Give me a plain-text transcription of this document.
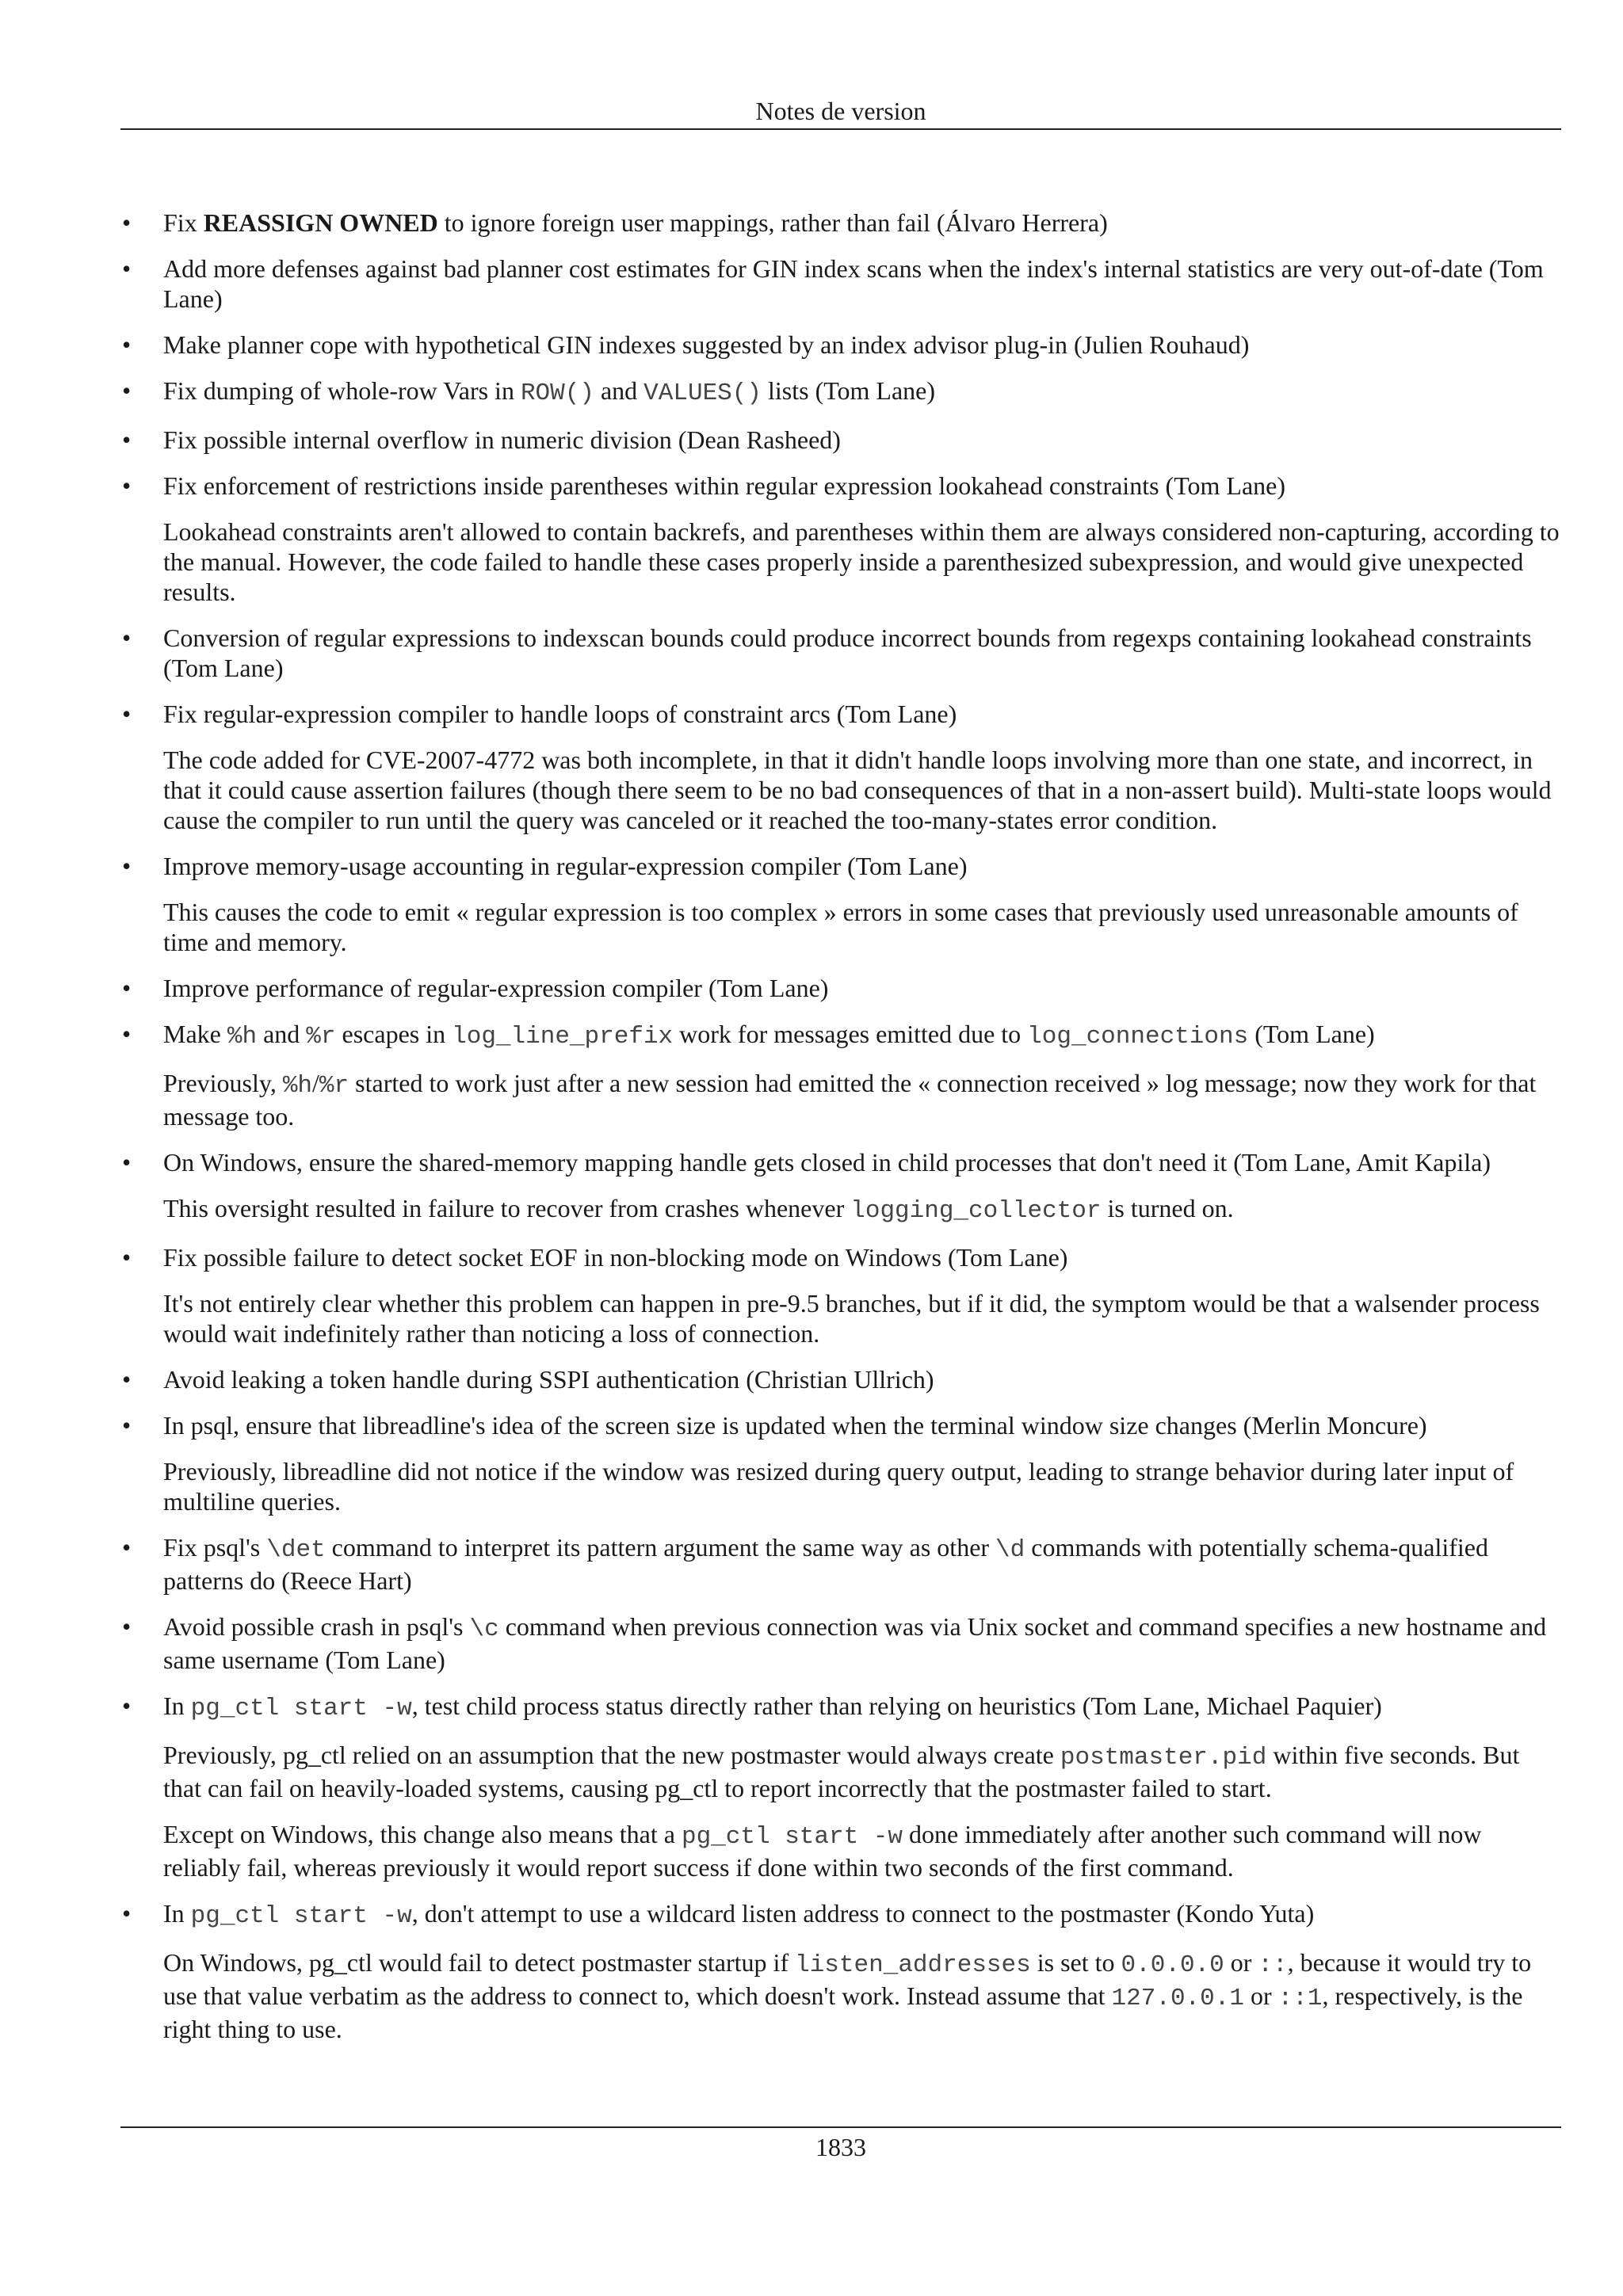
Notes de version
• Fix REASSIGN OWNED to ignore foreign user mappings, rather than fail (Álvaro Herrera)

• Add more defenses against bad planner cost estimates for GIN index scans when the index's internal statistics are very out-of-date (Tom Lane)

• Make planner cope with hypothetical GIN indexes suggested by an index advisor plug-in (Julien Rouhaud)

• Fix dumping of whole-row Vars in ROW() and VALUES() lists (Tom Lane)

• Fix possible internal overflow in numeric division (Dean Rasheed)

• Fix enforcement of restrictions inside parentheses within regular expression lookahead constraints (Tom Lane)

Lookahead constraints aren't allowed to contain backrefs, and parentheses within them are always considered non-capturing, according to the manual. However, the code failed to handle these cases properly inside a parenthesized subexpression, and would give unexpected results.

• Conversion of regular expressions to indexscan bounds could produce incorrect bounds from regexps containing lookahead constraints (Tom Lane)

• Fix regular-expression compiler to handle loops of constraint arcs (Tom Lane)

The code added for CVE-2007-4772 was both incomplete, in that it didn't handle loops involving more than one state, and incorrect, in that it could cause assertion failures (though there seem to be no bad consequences of that in a non-assert build). Multi-state loops would cause the compiler to run until the query was canceled or it reached the too-many-states error condition.

• Improve memory-usage accounting in regular-expression compiler (Tom Lane)

This causes the code to emit « regular expression is too complex » errors in some cases that previously used unreasonable amounts of time and memory.

• Improve performance of regular-expression compiler (Tom Lane)

• Make %h and %r escapes in log_line_prefix work for messages emitted due to log_connections (Tom Lane)

Previously, %h/%r started to work just after a new session had emitted the « connection received » log message; now they work for that message too.

• On Windows, ensure the shared-memory mapping handle gets closed in child processes that don't need it (Tom Lane, Amit Kapila)

This oversight resulted in failure to recover from crashes whenever logging_collector is turned on.

• Fix possible failure to detect socket EOF in non-blocking mode on Windows (Tom Lane)

It's not entirely clear whether this problem can happen in pre-9.5 branches, but if it did, the symptom would be that a walsender process would wait indefinitely rather than noticing a loss of connection.

• Avoid leaking a token handle during SSPI authentication (Christian Ullrich)

• In psql, ensure that libreadline's idea of the screen size is updated when the terminal window size changes (Merlin Moncure)

Previously, libreadline did not notice if the window was resized during query output, leading to strange behavior during later input of multiline queries.

• Fix psql's \det command to interpret its pattern argument the same way as other \d commands with potentially schema-qualified patterns do (Reece Hart)

• Avoid possible crash in psql's \c command when previous connection was via Unix socket and command specifies a new hostname and same username (Tom Lane)

• In pg_ctl start -w, test child process status directly rather than relying on heuristics (Tom Lane, Michael Paquier)

Previously, pg_ctl relied on an assumption that the new postmaster would always create postmaster.pid within five seconds. But that can fail on heavily-loaded systems, causing pg_ctl to report incorrectly that the postmaster failed to start.

Except on Windows, this change also means that a pg_ctl start -w done immediately after another such command will now reliably fail, whereas previously it would report success if done within two seconds of the first command.

• In pg_ctl start -w, don't attempt to use a wildcard listen address to connect to the postmaster (Kondo Yuta)

On Windows, pg_ctl would fail to detect postmaster startup if listen_addresses is set to 0.0.0.0 or ::, because it would try to use that value verbatim as the address to connect to, which doesn't work. Instead assume that 127.0.0.1 or ::1, respectively, is the right thing to use.

1833
